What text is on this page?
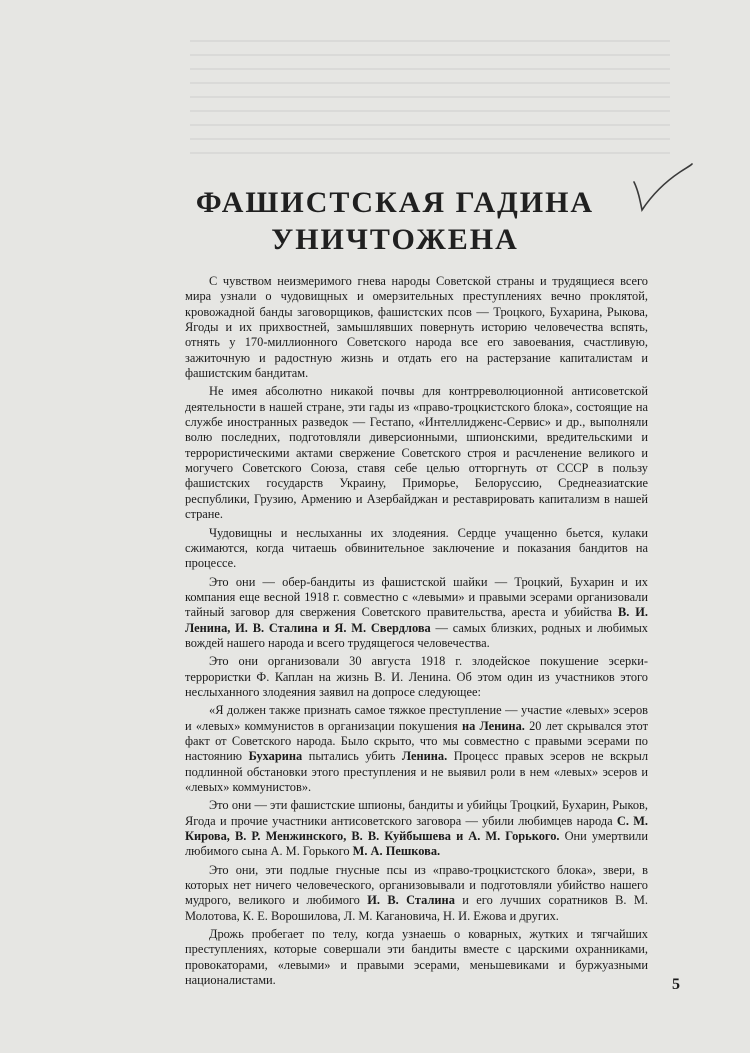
ФАШИСТСКАЯ ГАДИНА
УНИЧТОЖЕНА

С чувством неизмеримого гнева народы Советской страны и трудящиеся всего мира узнали о чудовищных и омерзительных преступлениях вечно проклятой, кровожадной банды заговорщиков, фашистских псов — Троцкого, Бухарина, Рыкова, Ягоды и их прихвостней, замышлявших повернуть историю человечества вспять, отнять у 170-миллионного Советского народа все его завоевания, счастливую, зажиточную и радостную жизнь и отдать его на растерзание капиталистам и фашистским бандитам.

Не имея абсолютно никакой почвы для контрреволюционной антисоветской деятельности в нашей стране, эти гады из «право-троцкистского блока», состоящие на службе иностранных разведок — Гестапо, «Интеллидженс-Сервис» и др., выполняли волю последних, подготовляли диверсионными, шпионскими, вредительскими и террористическими актами свержение Советского строя и расчленение великого и могучего Советского Союза, ставя себе целью отторгнуть от СССР в пользу фашистских государств Украину, Приморье, Белоруссию, Среднеазиатские республики, Грузию, Армению и Азербайджан и реставрировать капитализм в нашей стране.

Чудовищны и неслыханны их злодеяния. Сердце учащенно бьется, кулаки сжимаются, когда читаешь обвинительное заключение и показания бандитов на процессе.

Это они — обер-бандиты из фашистской шайки — Троцкий, Бухарин и их компания еще весной 1918 г. совместно с «левыми» и правыми эсерами организовали тайный заговор для свержения Советского правительства, ареста и убийства В. И. Ленина, И. В. Сталина и Я. М. Свердлова — самых близких, родных и любимых вождей нашего народа и всего трудящегося человечества.

Это они организовали 30 августа 1918 г. злодейское покушение эсерки-террористки Ф. Каплан на жизнь В. И. Ленина. Об этом один из участников этого неслыханного злодеяния заявил на допросе следующее:

«Я должен также признать самое тяжкое преступление — участие «левых» эсеров и «левых» коммунистов в организации покушения на Ленина. 20 лет скрывался этот факт от Советского народа. Было скрыто, что мы совместно с правыми эсерами по настоянию Бухарина пытались убить Ленина. Процесс правых эсеров не вскрыл подлинной обстановки этого преступления и не выявил роли в нем «левых» эсеров и «левых» коммунистов».

Это они — эти фашистские шпионы, бандиты и убийцы Троцкий, Бухарин, Рыков, Ягода и прочие участники антисоветского заговора — убили любимцев народа С. М. Кирова, В. Р. Менжинского, В. В. Куйбышева и А. М. Горького. Они умертвили любимого сына А. М. Горького М. А. Пешкова.

Это они, эти подлые гнусные псы из «право-троцкистского блока», звери, в которых нет ничего человеческого, организовывали и подготовляли убийство нашего мудрого, великого и любимого И. В. Сталина и его лучших соратников В. М. Молотова, К. Е. Ворошилова, Л. М. Кагановича, Н. И. Ежова и других.

Дрожь пробегает по телу, когда узнаешь о коварных, жутких и тягчайших преступлениях, которые совершали эти бандиты вместе с царскими охранниками, провокаторами, «левыми» и правыми эсерами, меньшевиками и буржуазными националистами.	5
